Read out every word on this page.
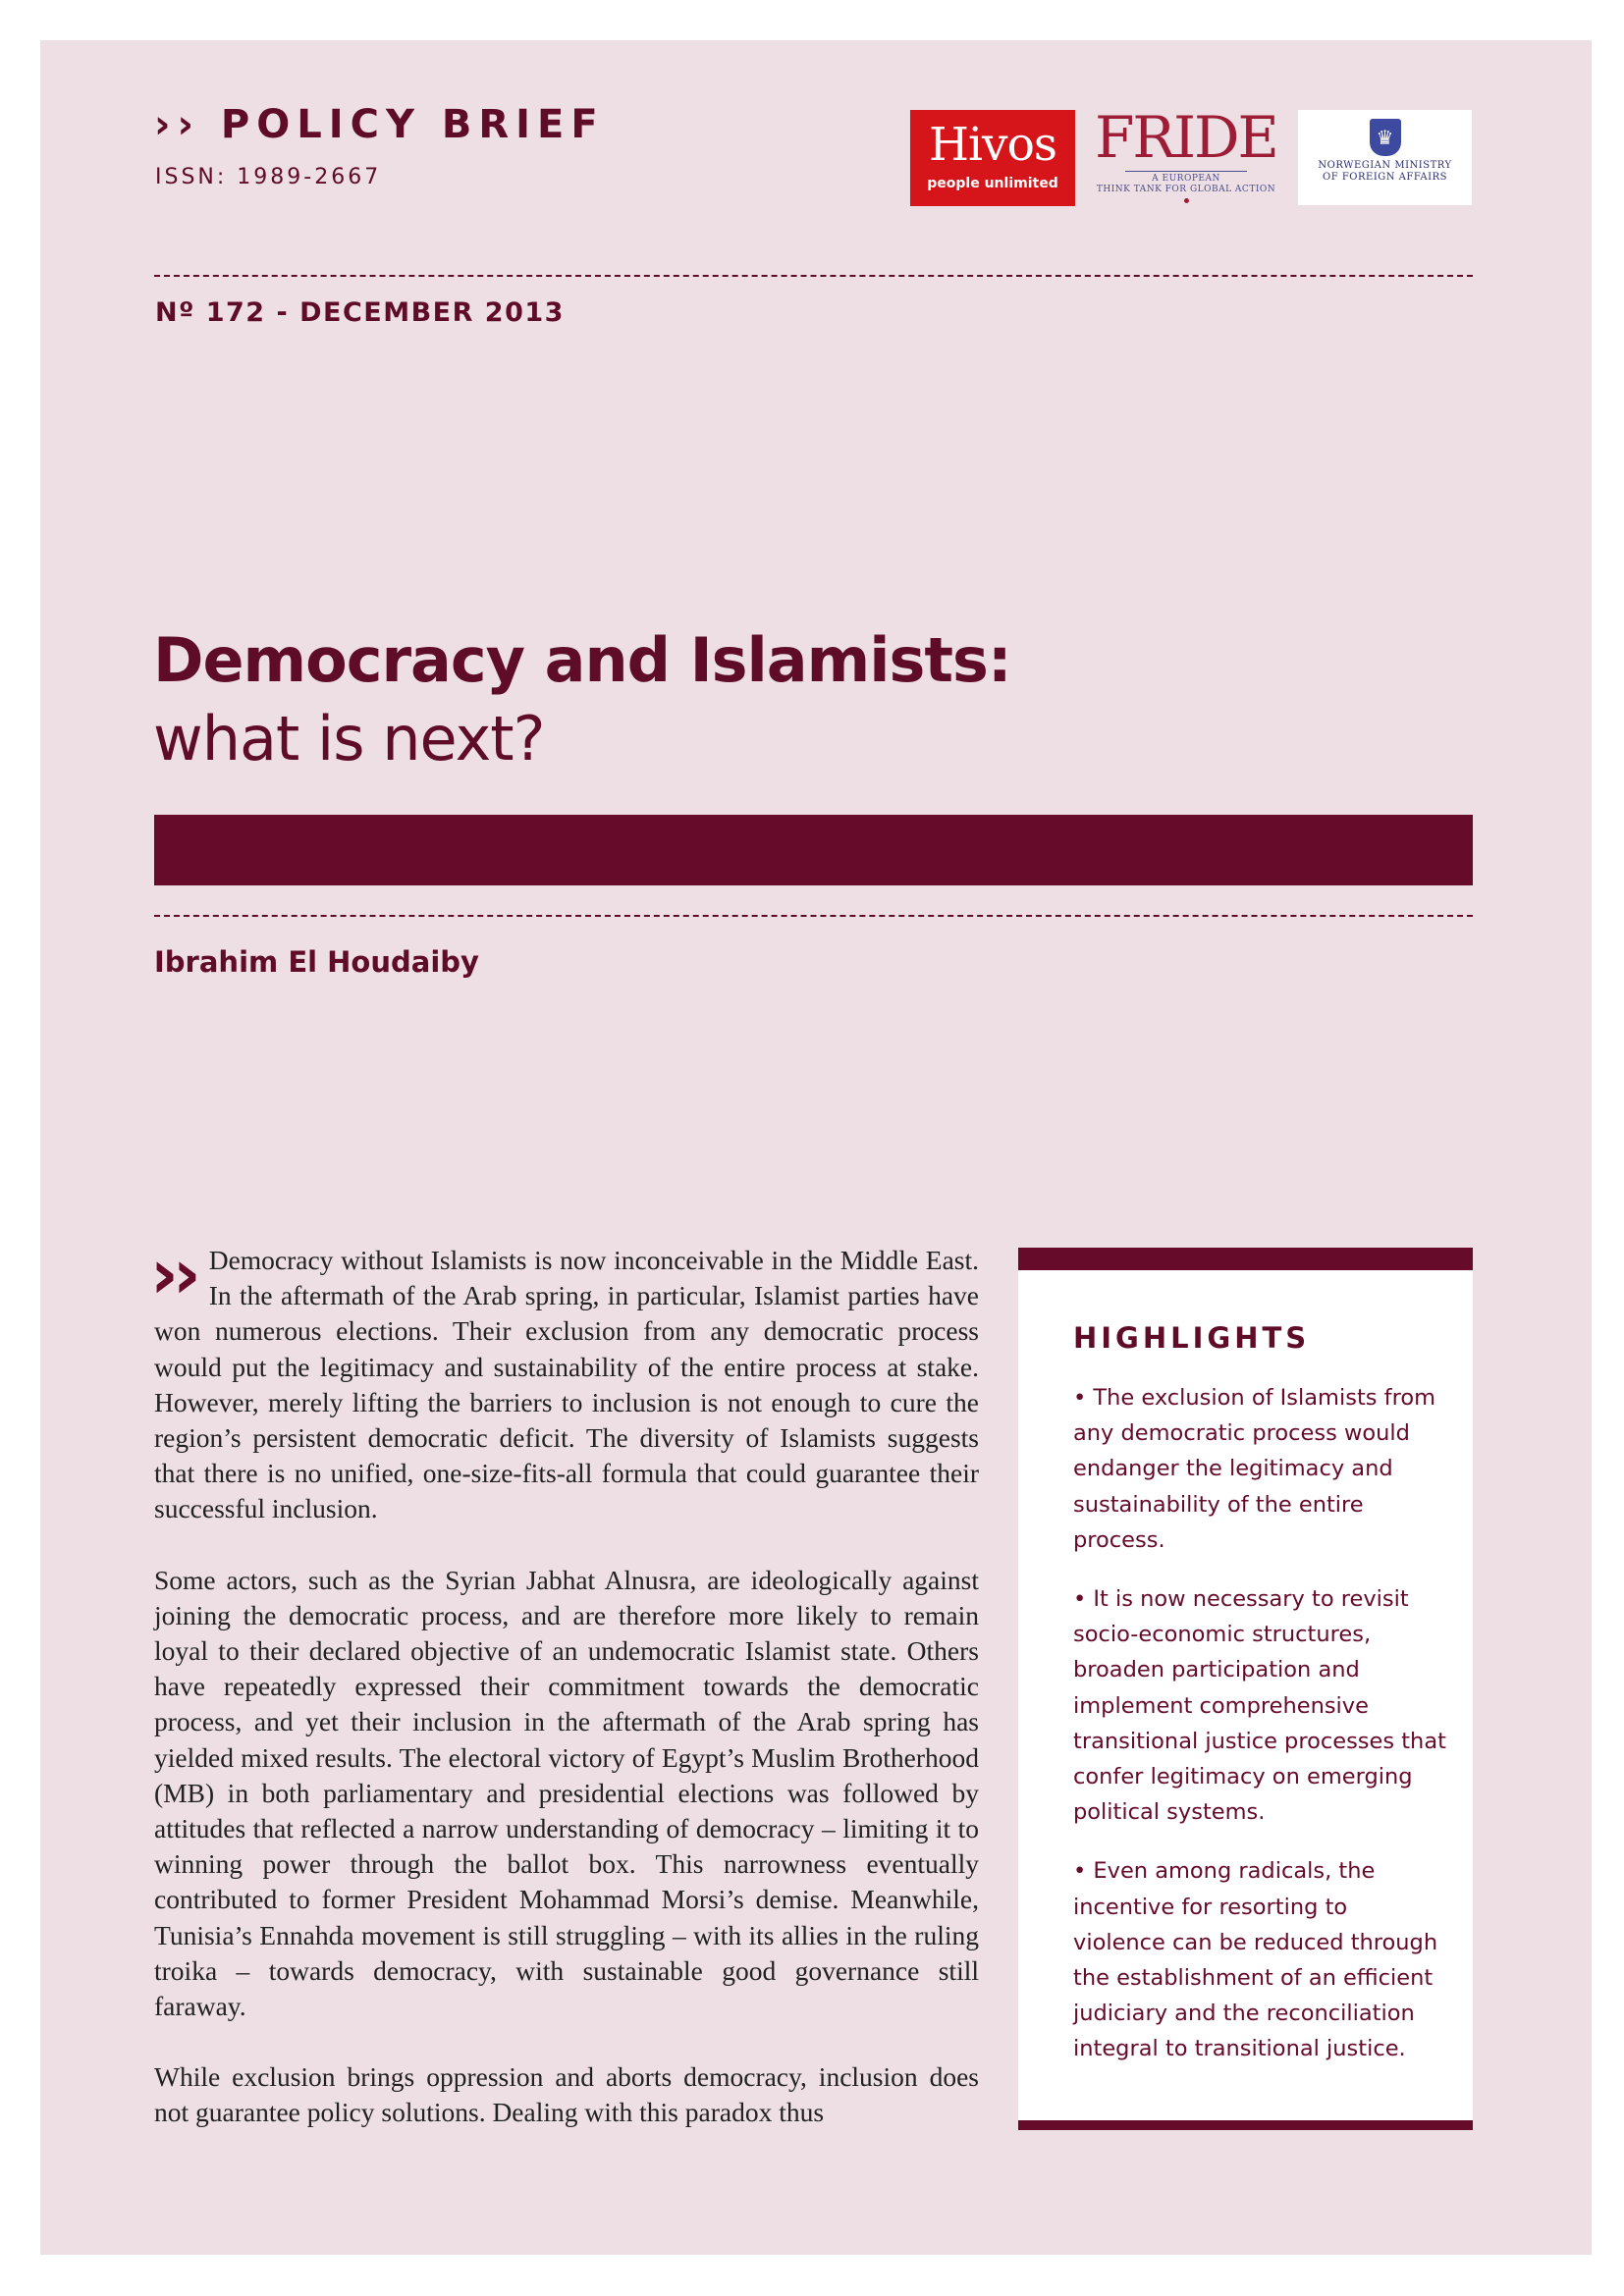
›› POLICY BRIEF
ISSN: 1989-2667
Hivos
people unlimited
FRIDE
A EUROPEAN
THINK TANK FOR GLOBAL ACTION
♛
NORWEGIAN MINISTRY
OF FOREIGN AFFAIRS
Nº 172 - DECEMBER 2013
Democracy and Islamists:
what is next?
Ibrahim El Houdaiby

›› Democracy without Islamists is now inconceivable in the Middle East. In the aftermath of the Arab spring, in particular, Islamist parties have won numerous elections. Their exclusion from any democratic process would put the legitimacy and sustainability of the entire process at stake. However, merely lifting the barriers to inclusion is not enough to cure the region’s persistent democratic deficit. The diversity of Islamists suggests that there is no unified, one-size-fits-all formula that could guarantee their successful inclusion.

Some actors, such as the Syrian Jabhat Alnusra, are ideologically against joining the democratic process, and are therefore more likely to remain loyal to their declared objective of an undemocratic Islamist state. Others have repeatedly expressed their commitment towards the democratic process, and yet their inclusion in the aftermath of the Arab spring has yielded mixed results. The electoral victory of Egypt’s Muslim Brotherhood (MB) in both parliamentary and presidential elections was followed by attitudes that reflected a narrow understanding of democracy – limiting it to winning power through the ballot box. This narrowness eventually contributed to former President Mohammad Morsi’s demise. Meanwhile, Tunisia’s Ennahda movement is still struggling – with its allies in the ruling troika – towards democracy, with sustainable good governance still faraway.

While exclusion brings oppression and aborts democracy, inclusion does not guarantee policy solutions. Dealing with this paradox thus

HIGHLIGHTS
• The exclusion of Islamists from any democratic process would endanger the legitimacy and sustainability of the entire process.
• It is now necessary to revisit socio-economic structures, broaden participation and implement comprehensive transitional justice processes that confer legitimacy on emerging political systems.
• Even among radicals, the incentive for resorting to violence can be reduced through the establishment of an efficient judiciary and the reconciliation integral to transitional justice.
